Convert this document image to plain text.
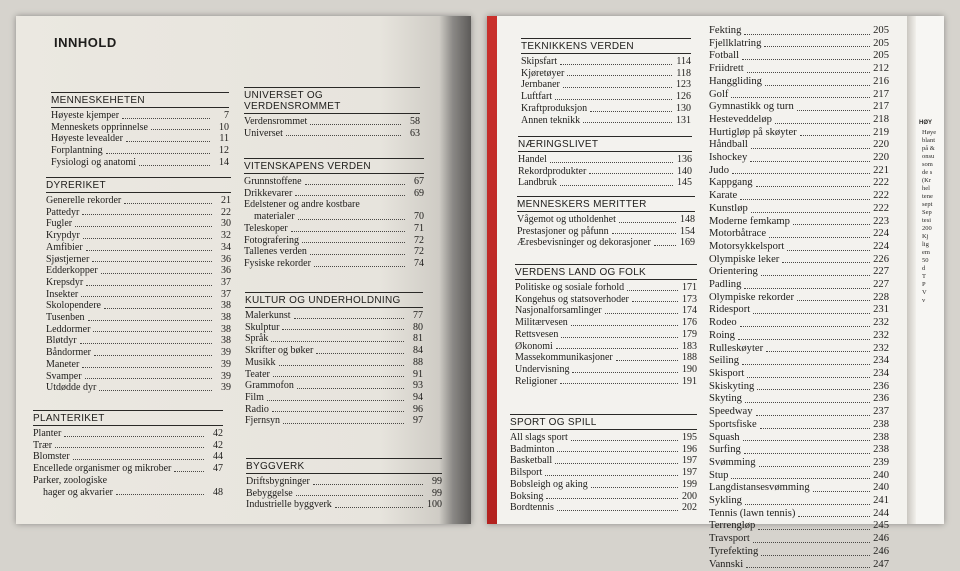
INNHOLD
MENNESKEHETEN
Høyeste kjemper	7
Menneskets opprinnelse	10
Høyeste levealder	11
Forplantning	12
Fysiologi og anatomi	14
DYRERIKET
Generelle rekorder	21
Pattedyr	22
Fugler	30
Krypdyr	32
Amfibier	34
Sjøstjerner	36
Edderkopper	36
Krepsdyr	37
Insekter	37
Skolopendere	38
Tusenben	38
Leddormer	38
Bløtdyr	38
Båndormer	39
Maneter	39
Svamper	39
Utdødde dyr	39
PLANTERIKET
Planter	42
Trær	42
Blomster	44
Encellede organismer og mikrober	47
Parker, zoologiske
hager og akvarier	48
UNIVERSET OG
VERDENSROMMET
Verdensrommet	58
Universet	63
VITENSKAPENS VERDEN
Grunnstoffene	67
Drikkevarer	69
Edelstener og andre kostbare
materialer	70
Teleskoper	71
Fotografering	72
Tallenes verden	72
Fysiske rekorder	74
KULTUR OG UNDERHOLDNING
Malerkunst	77
Skulptur	80
Språk	81
Skrifter og bøker	84
Musikk	88
Teater	91
Grammofon	93
Film	94
Radio	96
Fjernsyn	97
BYGGVERK
Driftsbygninger	99
Bebyggelse	99
Industrielle byggverk	100
TEKNIKKENS VERDEN
Skipsfart	114
Kjøretøyer	118
Jernbaner	123
Luftfart	126
Kraftproduksjon	130
Annen teknikk	131
NÆRINGSLIVET
Handel	136
Rekordprodukter	140
Landbruk	145
MENNESKERS MERITTER
Vågemot og utholdenhet	148
Prestasjoner og påfunn	154
Æresbevisninger og dekorasjoner	169
VERDENS LAND OG FOLK
Politiske og sosiale forhold	171
Kongehus og statsoverhoder	173
Nasjonalforsamlinger	174
Militærvesen	176
Rettsvesen	179
Økonomi	183
Massekommunikasjoner	188
Undervisning	190
Religioner	191
SPORT OG SPILL
All slags sport	195
Badminton	196
Basketball	197
Bilsport	197
Bobsleigh og aking	199
Boksing	200
Bordtennis	202
Fekting	205
Fjellklatring	205
Fotball	205
Friidrett	212
Hanggliding	216
Golf	217
Gymnastikk og turn	217
Hesteveddeløp	218
Hurtigløp på skøyter	219
Håndball	220
Ishockey	220
Judo	221
Kappgang	222
Karate	222
Kunstløp	222
Moderne femkamp	223
Motorbåtrace	224
Motorsykkelsport	224
Olympiske leker	226
Orientering	227
Padling	227
Olympiske rekorder	228
Ridesport	231
Rodeo	232
Roing	232
Rulleskøyter	232
Seiling	234
Skisport	234
Skiskyting	236
Skyting	236
Speedway	237
Sportsfiske	238
Squash	238
Surfing	238
Svømming	239
Stup	240
Langdistansesvømming	240
Sykling	241
Tennis (lawn tennis)	244
Terrengløp	245
Travsport	246
Tyrefekting	246
Vannski	247
HØY
Høye
blant
på &
onsu
som
de s
(Kr
hel
tene
sept
Sep
tesi
200
Kj
lig
em
50
d
T
P
V
v
